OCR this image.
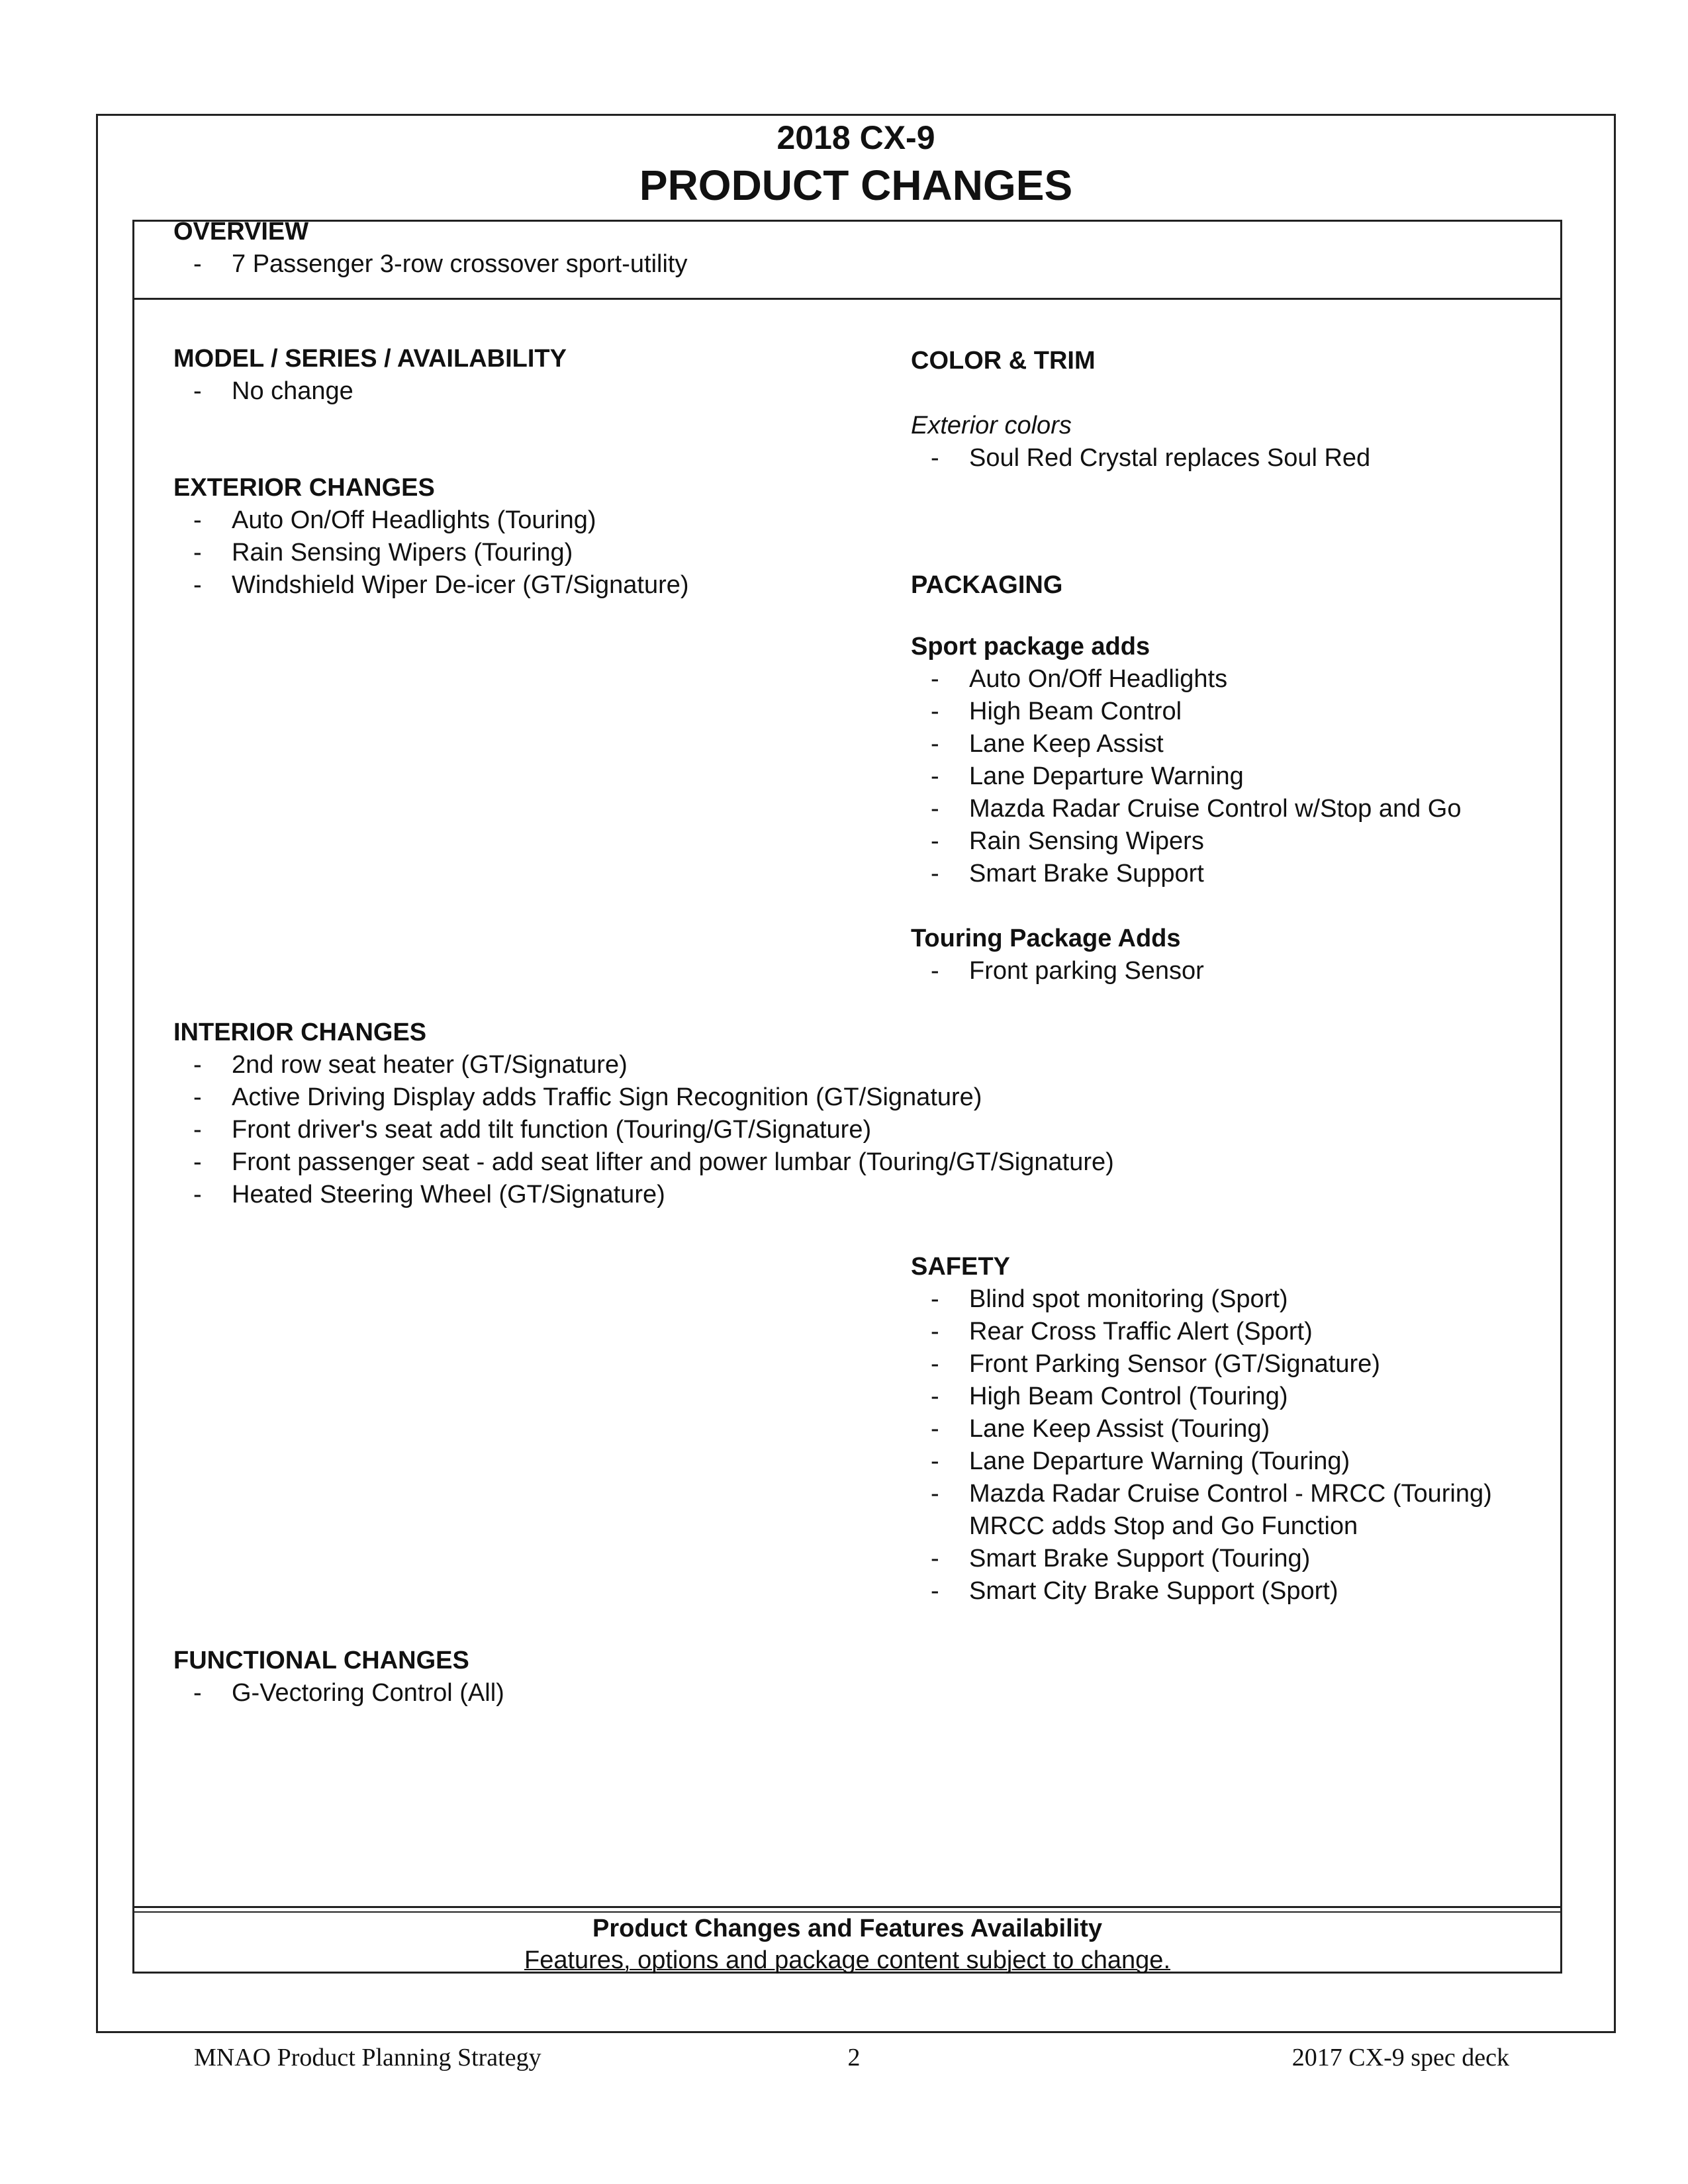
2018 CX-9
PRODUCT CHANGES
OVERVIEW
- 7 Passenger 3-row crossover sport-utility
MODEL / SERIES / AVAILABILITY
- No change
EXTERIOR CHANGES
- Auto On/Off Headlights (Touring)
- Rain Sensing Wipers (Touring)
- Windshield Wiper De-icer (GT/Signature)
COLOR & TRIM
Exterior colors
- Soul Red Crystal replaces Soul Red
PACKAGING
Sport package adds
- Auto On/Off Headlights
- High Beam Control
- Lane Keep Assist
- Lane Departure Warning
- Mazda Radar Cruise Control w/Stop and Go
- Rain Sensing Wipers
- Smart Brake Support
Touring Package Adds
- Front parking Sensor
INTERIOR CHANGES
- 2nd row seat heater (GT/Signature)
- Active Driving Display adds Traffic Sign Recognition (GT/Signature)
- Front driver's seat add tilt function (Touring/GT/Signature)
- Front passenger seat - add seat lifter and power lumbar (Touring/GT/Signature)
- Heated Steering Wheel (GT/Signature)
SAFETY
- Blind spot monitoring (Sport)
- Rear Cross Traffic Alert (Sport)
- Front Parking Sensor (GT/Signature)
- High Beam Control (Touring)
- Lane Keep Assist (Touring)
- Lane Departure Warning (Touring)
- Mazda Radar Cruise Control - MRCC (Touring)
MRCC adds Stop and Go Function
- Smart Brake Support (Touring)
- Smart City Brake Support (Sport)
FUNCTIONAL CHANGES
- G-Vectoring Control (All)
Product Changes and Features Availability
Features, options and package content subject to change.
MNAO Product Planning Strategy	2	2017 CX-9 spec deck
